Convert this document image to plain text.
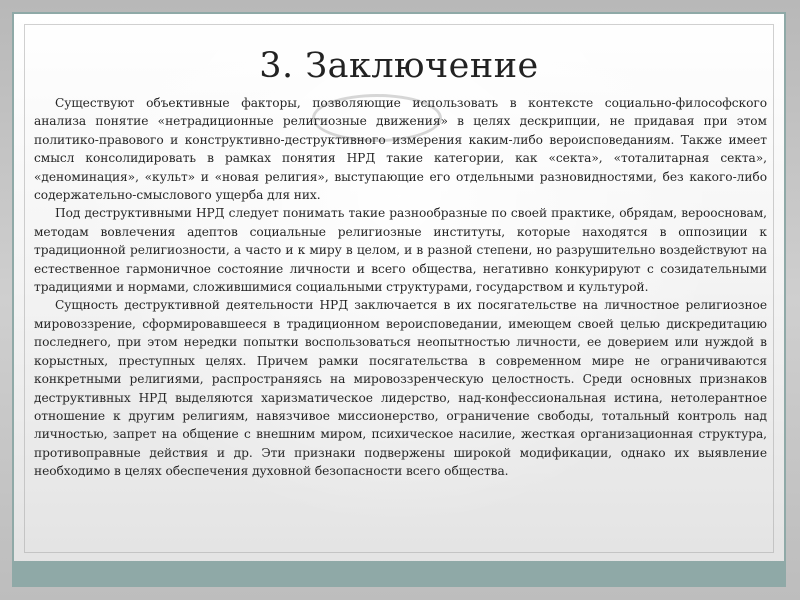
3. Заключение

Существуют объективные факторы, позволяющие использовать в контексте социально-философского анализа понятие «нетрадиционные религиозные движения» в целях дескрипции, не придавая при этом политико-правового и конструктивно-деструктивного измерения каким-либо вероисповеданиям. Также имеет смысл консолидировать в рамках понятия НРД такие категории, как «секта», «тоталитарная секта», «деноминация», «культ» и «новая религия», выступающие его отдельными разновидностями, без какого-либо содержательно-смыслового ущерба для них.

Под деструктивными НРД следует понимать такие разнообразные по своей практике, обрядам, вероосновам, методам вовлечения адептов социальные религиозные институты, которые находятся в оппозиции к традиционной религиозности, а часто и к миру в целом, и в разной степени, но разрушительно воздействуют на естественное гармоничное состояние личности и всего общества, негативно конкурируют с созидательными традициями и нормами, сложившимися социальными структурами, государством и культурой.

Сущность деструктивной деятельности НРД заключается в их посягательстве на личностное религиозное мировоззрение, сформировавшееся в традиционном вероисповедании, имеющем своей целью дискредитацию последнего, при этом нередки попытки воспользоваться неопытностью личности, ее доверием или нуждой в корыстных, преступных целях. Причем рамки посягательства в современном мире не ограничиваются конкретными религиями, распространяясь на мировоззренческую целостность. Среди основных признаков деструктивных НРД выделяются харизматическое лидерство, над-конфессиональная истина, нетолерантное отношение к другим религиям, навязчивое миссионерство, ограничение свободы, тотальный контроль над личностью, запрет на общение с внешним миром, психическое насилие, жесткая организационная структура, противоправные действия и др. Эти признаки подвержены широкой модификации, однако их выявление необходимо в целях обеспечения духовной безопасности всего общества.
